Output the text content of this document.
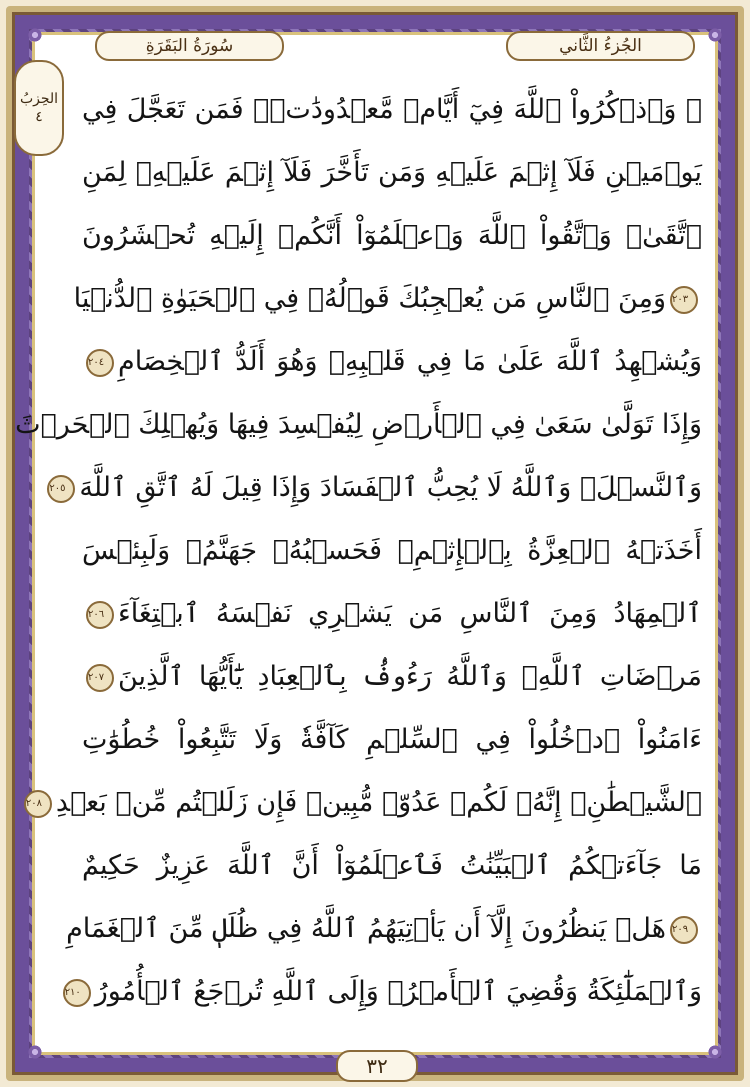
سُورَةُ البَقَرَةِ	الجُزءُ الثَّاني
الحِزبُ ٤	۞ وَٱذۡكُرُواْ ٱللَّهَ فِيٓ أَيَّامٖ مَّعۡدُودَٰتٖۚ فَمَن تَعَجَّلَ فِي
يَوۡمَيۡنِ فَلَآ إِثۡمَ عَلَيۡهِ وَمَن تَأَخَّرَ فَلَآ إِثۡمَ عَلَيۡهِۖ لِمَنِ
ٱتَّقَىٰۗ وَٱتَّقُواْ ٱللَّهَ وَٱعۡلَمُوٓاْ أَنَّكُمۡ إِلَيۡهِ تُحۡشَرُونَ
٢٠٣وَمِنَ ٱلنَّاسِ مَن يُعۡجِبُكَ قَوۡلُهُۥ فِي ٱلۡحَيَوٰةِ ٱلدُّنۡيَا
وَيُشۡهِدُ ٱللَّهَ عَلَىٰ مَا فِي قَلۡبِهِۦ وَهُوَ أَلَدُّ ٱلۡخِصَامِ٢٠٤
وَإِذَا تَوَلَّىٰ سَعَىٰ فِي ٱلۡأَرۡضِ لِيُفۡسِدَ فِيهَا وَيُهۡلِكَ ٱلۡحَرۡثَ
وَٱلنَّسۡلَۚ وَٱللَّهُ لَا يُحِبُّ ٱلۡفَسَادَ وَإِذَا قِيلَ لَهُ ٱتَّقِ ٱللَّهَ٢٠٥
أَخَذَتۡهُ ٱلۡعِزَّةُ بِٱلۡإِثۡمِۚ فَحَسۡبُهُۥ جَهَنَّمُۖ وَلَبِئۡسَ
ٱلۡمِهَادُ وَمِنَ ٱلنَّاسِ مَن يَشۡرِي نَفۡسَهُ ٱبۡتِغَآءَ٢٠٦
مَرۡضَاتِ ٱللَّهِۚ وَٱللَّهُ رَءُوفُۢ بِٱلۡعِبَادِ يَٰٓأَيُّهَا ٱلَّذِينَ٢٠٧
ءَامَنُواْ ٱدۡخُلُواْ فِي ٱلسِّلۡمِ كَآفَّةٗ وَلَا تَتَّبِعُواْ خُطُوَٰتِ
ٱلشَّيۡطَٰنِۚ إِنَّهُۥ لَكُمۡ عَدُوّٞ مُّبِينٞ فَإِن زَلَلۡتُم مِّنۢ بَعۡدِ٢٠٨
مَا جَآءَتۡكُمُ ٱلۡبَيِّنَٰتُ فَٱعۡلَمُوٓاْ أَنَّ ٱللَّهَ عَزِيزٌ حَكِيمٌ
٢٠٩هَلۡ يَنظُرُونَ إِلَّآ أَن يَأۡتِيَهُمُ ٱللَّهُ فِي ظُلَلٖ مِّنَ ٱلۡغَمَامِ
وَٱلۡمَلَٰٓئِكَةُ وَقُضِيَ ٱلۡأَمۡرُۚ وَإِلَى ٱللَّهِ تُرۡجَعُ ٱلۡأُمُورُ٢١٠
٣٢
